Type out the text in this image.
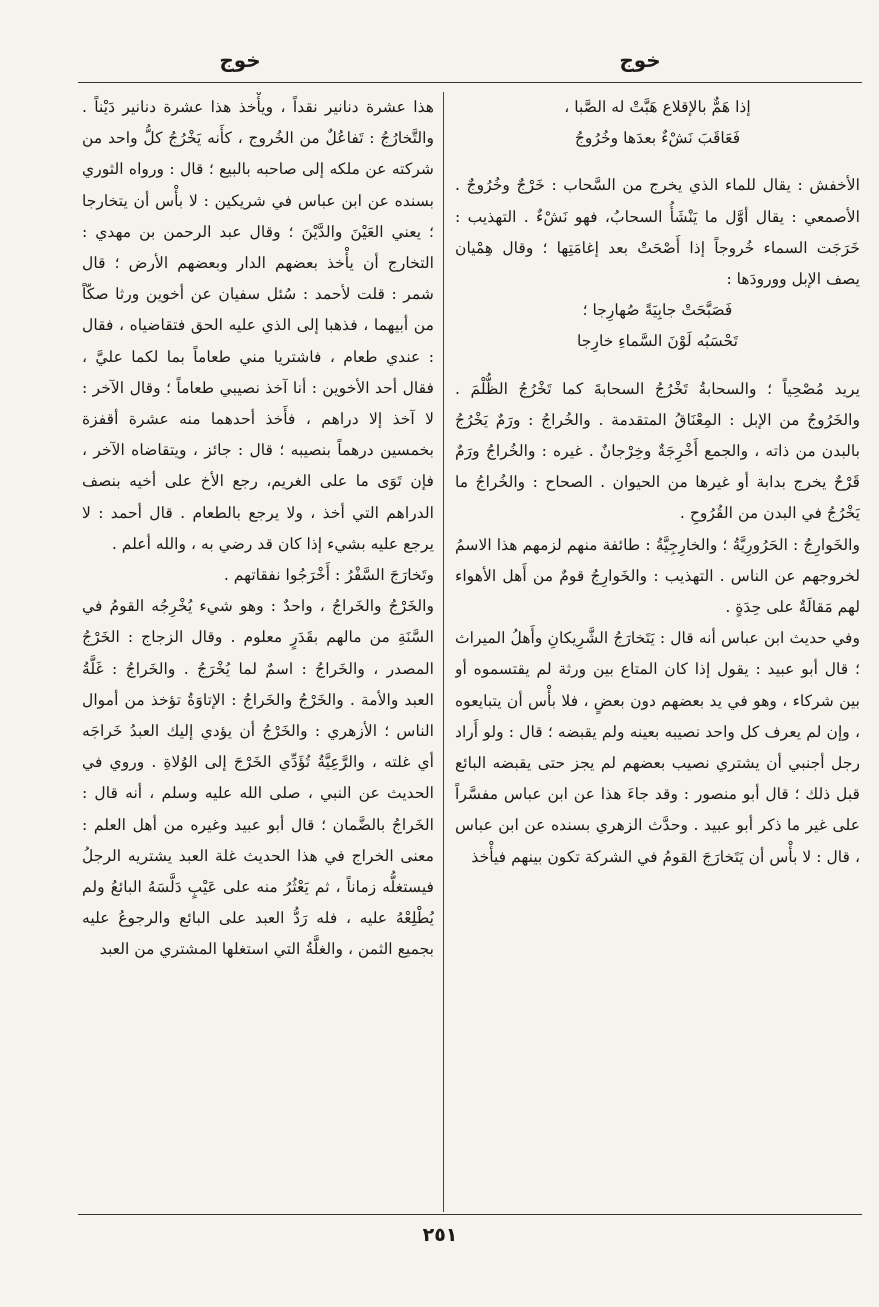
خوج
خوج
إذا هَمٌّ بالإقلاع هَبَّتْ له الصَّبا ،
فَعَاقَبَ نَشْءٌ بعدَها وخُرُوجُ

الأخفش : يقال للماء الذي يخرج من السَّحاب : خَرْجٌ وخُرُوجٌ . الأصمعي : يقال أوَّل ما يَنْشَأُ السحابُ، فهو نَشْءٌ . التهذيب : خَرَجَت السماء خُروجاً إذا أَصْحَتْ بعد إغامَتِها ؛ وقال هِمْيان يصف الإبل وورودَها :

فَصَبَّحَتْ جابِيَةً صُهارِجا ؛
تَحْسَبُه لَوْنَ السَّماءِ خارِجا

يريد مُصْحِياً ؛ والسحابةُ تَخْرُجُ السحابةَ كما تَخْرُجُ الظُّلْمَ . والخَرُوجُ من الإبل : المِعْنَاقُ المتقدمة . والخُراجُ : ورَمٌ يَخْرُجُ بالبدن من ذاته ، والجمع أَخْرِجَةٌ وخِرْجانٌ . غيره : والخُراجُ ورَمٌ قَرْحٌ يخرج بدابة أو غيرها من الحيوان . الصحاح : والخُراجُ ما يَخْرُجُ في البدن من القُرُوحِ .

والخَوارِجُ : الحَرُورِيَّةُ ؛ والخارِجِيَّةُ : طائفة منهم لزمهم هذا الاسمُ لخروجهم عن الناس . التهذيب : والخَوارِجُ قومٌ من أَهل الأهواء لهم مَقالَةٌ على حِدَةٍ .

وفي حديث ابن عباس أنه قال : يَتَخارَجُ الشَّرِيكانِ وأَهلُ الميراث ؛ قال أبو عبيد : يقول إذا كان المتاع بين ورثة لم يقتسموه أو بين شركاء ، وهو في يد بعضهم دون بعضٍ ، فلا بأْس أن يتبايعوه ، وإن لم يعرف كل واحد نصيبه بعينه ولم يقبضه ؛ قال : ولو أَراد رجل أجنبي أن يشتري نصيب بعضهم لم يجز حتى يقبضه البائع قبل ذلك ؛ قال أبو منصور : وقد جاءَ هذا عن ابن عباس مفسَّراً على غير ما ذكر أبو عبيد . وحدَّث الزهري بسنده عن ابن عباس ، قال : لا بأْس أن يَتَخارَجَ القومُ في الشركة تكون بينهم فيأْخذ

هذا عشرة دنانير نقداً ، ويأْخذ هذا عشرة دنانير دَيْناً . والتَّخارُجُ : تَفاعُلٌ من الخُروج ، كأَنه يَخْرُجُ كلُّ واحد من شركته عن ملكه إلى صاحبه بالبيع ؛ قال : ورواه الثوري بسنده عن ابن عباس في شريكين : لا بأْس أن يتخارجا ؛ يعني العَيْنَ والدَّيْنَ ؛ وقال عبد الرحمن بن مهدي : التخارج أن يأْخذ بعضهم الدار وبعضهم الأرض ؛ قال شمر : قلت لأحمد : سُئل سفيان عن أخوين ورثا صكّاً من أبيهما ، فذهبا إلى الذي عليه الحق فتقاضياه ، فقال : عندي طعام ، فاشتريا مني طعاماً بما لكما عليَّ ، فقال أحد الأخوين : أنا آخذ نصيبي طعاماً ؛ وقال الآخر : لا آخذ إلا دراهم ، فأَخذ أحدهما منه عشرة أقفزة بخمسين درهماً بنصيبه ؛ قال : جائز ، ويتقاضاه الآخر ، فإن تَوَى ما على الغريم، رجع الأخ على أخيه بنصف الدراهم التي أخذ ، ولا يرجع بالطعام . قال أحمد : لا يرجع عليه بشيء إذا كان قد رضي به ، والله أعلم .

وتَخارَجَ السَّفْرُ : أَخْرَجُوا نفقاتهم .

والخَرْجُ والخَراجُ ، واحدٌ : وهو شيء يُخْرِجُه القومُ في السَّنَةِ من مالهم بقَدَرٍ معلوم . وقال الزجاج : الخَرْجُ المصدر ، والخَراجُ : اسمٌ لما يُخْرَجُ . والخَراجُ : غَلَّةُ العبد والأمة . والخَرْجُ والخَراجُ : الإتاوَةُ تؤخذ من أموال الناس ؛ الأزهري : والخَرْجُ أن يؤدي إليك العبدُ خَراجَه أي غلته ، والرَّعِيَّةُ تُؤَدِّي الخَرْجَ إلى الوُلاةِ . وروي في الحديث عن النبي ، صلى الله عليه وسلم ، أنه قال : الخَراجُ بالضَّمان ؛ قال أبو عبيد وغيره من أهل العلم : معنى الخراج في هذا الحديث غلة العبد يشتريه الرجلُ فيستغلُّه زماناً ، ثم يَعْثُرُ منه على عَيْبٍ دَلَّسَهُ البائعُ ولم يُطْلِعْهُ عليه ، فله رَدُّ العبد على البائع والرجوعُ عليه بجميع الثمن ، والغلَّةُ التي استغلها المشتري من العبد

٢٥١
